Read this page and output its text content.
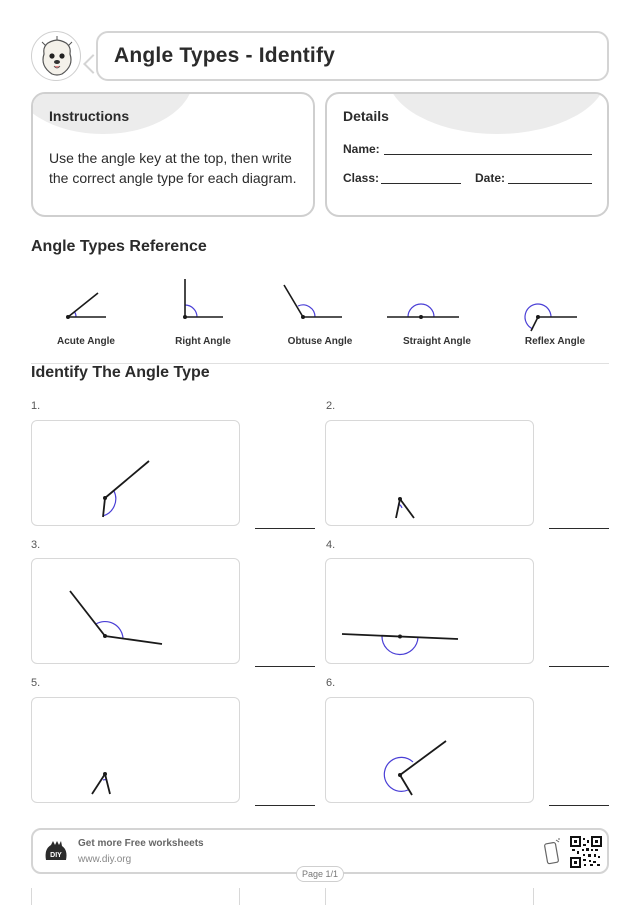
Angle Types - Identify
Instructions
Use the angle key at the top, then write the correct angle type for each diagram.
Details
Name:
Class:	Date:
Angle Types Reference
Acute Angle	Right Angle	Obtuse Angle	Straight Angle	Reflex Angle
Identify The Angle Type
1.	2.
3.	4.
5.	6.
DIY
Get more Free worksheets
www.diy.org
Page 1/1
